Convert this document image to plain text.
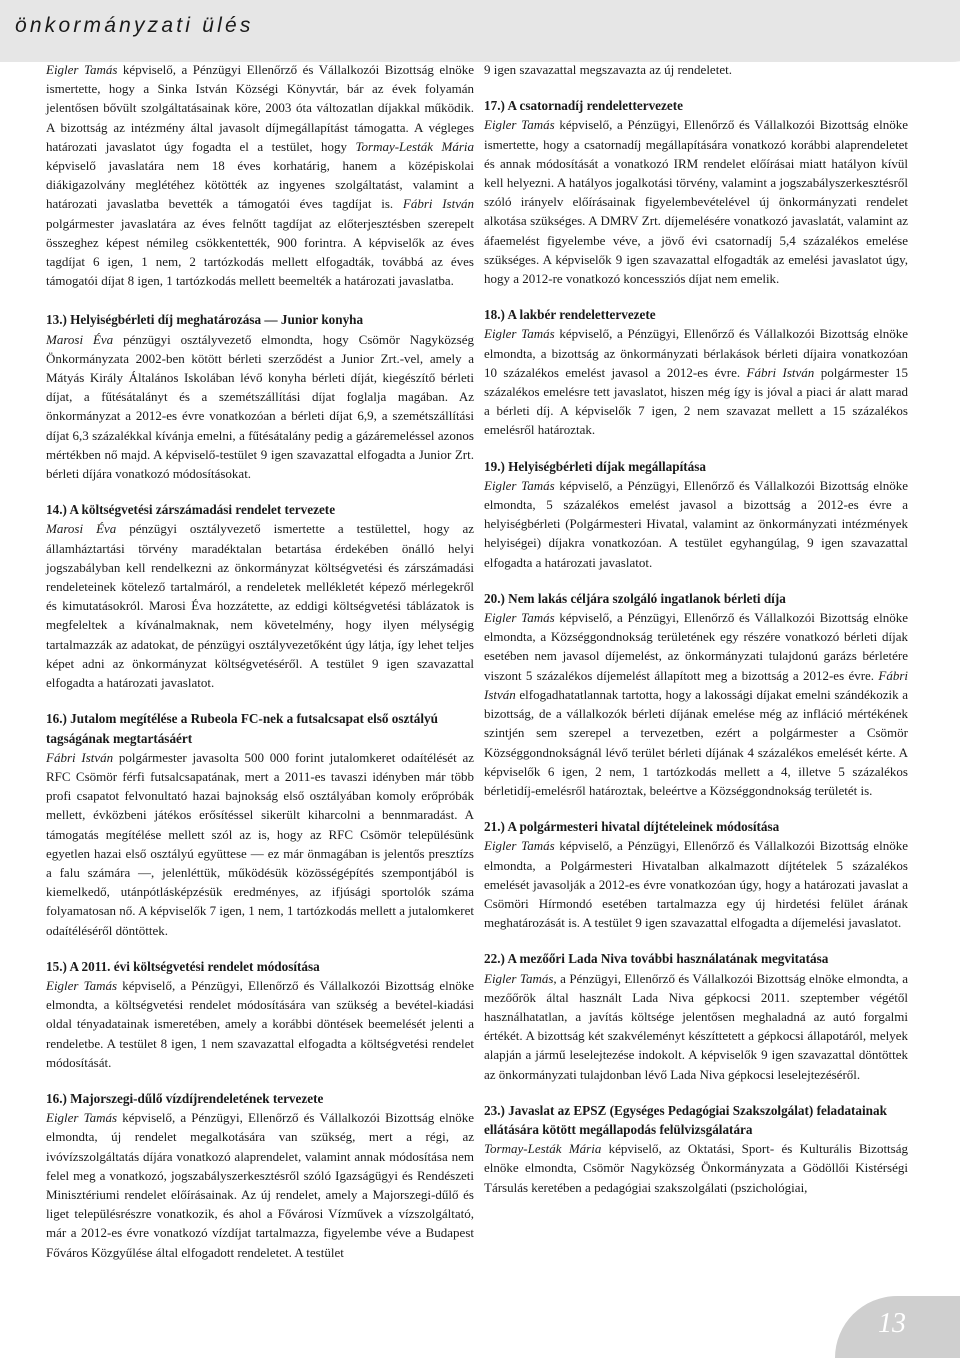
önkormányzati ülés

Eigler Tamás képviselő, a Pénzügyi Ellenőrző és Vállalkozói Bizottság elnöke ismertette, hogy a Sinka István Községi Könyvtár, bár az évek folyamán jelentősen bővült szolgáltatásainak köre, 2003 óta változatlan díjakkal működik. A bizottság az intézmény által javasolt díjmegállapítást támogatta. A végleges határozati javaslatot úgy fogadta el a testület, hogy Tormay-Lesták Mária képviselő javaslatára nem 18 éves korhatárig, hanem a középiskolai diákigazolvány meglétéhez kötötték az ingyenes szolgáltatást, valamint a határozati javaslatba bevették a támogatói éves tagdíjat is. Fábri István polgármester javaslatára az éves felnőtt tagdíjat az előterjesztésben szerepelt összeghez képest némileg csökkentették, 900 forintra. A képviselők az éves tagdíjat 6 igen, 1 nem, 2 tartózkodás mellett elfogadták, továbbá az éves támogatói díjat 8 igen, 1 tartózkodás mellett beemelték a határozati javaslatba.

13.) Helyiségbérleti díj meghatározása — Junior konyha

Marosi Éva pénzügyi osztályvezető elmondta, hogy Csömör Nagyközség Önkormányzata 2002-ben kötött bérleti szerződést a Junior Zrt.-vel, amely a Mátyás Király Általános Iskolában lévő konyha bérleti díját, kiegészítő bérleti díjat, a fűtésátalányt és a szemétszállítási díjat foglalja magában. Az önkormányzat a 2012-es évre vonatkozóan a bérleti díjat 6,9, a szemétszállítási díjat 6,3 százalékkal kívánja emelni, a fűtésátalány pedig a gázáremeléssel azonos mértékben nő majd. A képviselő-testület 9 igen szavazattal elfogadta a Junior Zrt. bérleti díjára vonatkozó módosításokat.

14.) A költségvetési zárszámadási rendelet tervezete

Marosi Éva pénzügyi osztályvezető ismertette a testülettel, hogy az államháztartási törvény maradéktalan betartása érdekében önálló helyi jogszabályban kell rendelkezni az önkormányzat költségvetési és zárszámadási rendeleteinek kötelező tartalmáról, a rendeletek mellékletét képező mérlegekről és kimutatásokról. Marosi Éva hozzátette, az eddigi költségvetési táblázatok is megfeleltek a kívánalmaknak, nem követelmény, hogy ilyen mélységig tartalmazzák az adatokat, de pénzügyi osztályvezetőként úgy látja, így lehet teljes képet adni az önkormányzat költségvetéséről. A testület 9 igen szavazattal elfogadta a határozati javaslatot.

16.) Jutalom megítélése a Rubeola FC-nek a futsalcsapat első osztályú tagságának megtartásáért

Fábri István polgármester javasolta 500 000 forint jutalomkeret odaítélését az RFC Csömör férfi futsalcsapatának, mert a 2011-es tavaszi idényben már több profi csapatot felvonultató hazai bajnokság első osztályában komoly erőpróbák mellett, évközbeni játékos erősítéssel sikerült kiharcolni a bennmaradást. A támogatás megítélése mellett szól az is, hogy az RFC Csömör településünk egyetlen hazai első osztályú együttese — ez már önmagában is jelentős presztízs a falu számára —, jelenléttük, működésük közösségépítés szempontjából is kiemelkedő, utánpótlásképzésük eredményes, az ifjúsági sportolók száma folyamatosan nő. A képviselők 7 igen, 1 nem, 1 tartózkodás mellett a jutalomkeret odaítéléséről döntöttek.

15.) A 2011. évi költségvetési rendelet módosítása

Eigler Tamás képviselő, a Pénzügyi, Ellenőrző és Vállalkozói Bizottság elnöke elmondta, a költségvetési rendelet módosítására van szükség a bevétel-kiadási oldal tényadatainak ismeretében, amely a korábbi döntések beemelését jelenti a rendeletbe. A testület 8 igen, 1 nem szavazattal elfogadta a költségvetési rendelet módosítását.

16.) Majorszegi-dűlő vízdíjrendeletének tervezete

Eigler Tamás képviselő, a Pénzügyi, Ellenőrző és Vállalkozói Bizottság elnöke elmondta, új rendelet megalkotására van szükség, mert a régi, az ivóvízszolgáltatás díjára vonatkozó alaprendelet, valamint annak módosítása nem felel meg a vonatkozó, jogszabályszerkesztésről szóló Igazságügyi és Rendészeti Minisztériumi rendelet előírásainak. Az új rendelet, amely a Majorszegi-dűlő és liget településrészre vonatkozik, és ahol a Fővárosi Vízművek a vízszolgáltató, már a 2012-es évre vonatkozó vízdíjat tartalmazza, figyelembe véve a Budapest Főváros Közgyűlése által elfogadott rendeletet. A testület

9 igen szavazattal megszavazta az új rendeletet.

17.) A csatornadíj rendelettervezete

Eigler Tamás képviselő, a Pénzügyi, Ellenőrző és Vállalkozói Bizottság elnöke ismertette, hogy a csatornadíj megállapítására vonatkozó korábbi alaprendeletet és annak módosítását a vonatkozó IRM rendelet előírásai miatt hatályon kívül kell helyezni. A hatályos jogalkotási törvény, valamint a jogszabályszerkesztésről szóló irányelv előírásainak figyelembevételével új önkormányzati rendelet alkotása szükséges. A DMRV Zrt. díjemelésére vonatkozó javaslatát, valamint az áfaemelést figyelembe véve, a jövő évi csatornadíj 5,4 százalékos emelése szükséges. A képviselők 9 igen szavazattal elfogadták az emelési javaslatot úgy, hogy a 2012-re vonatkozó koncessziós díjat nem emelik.

18.) A lakbér rendelettervezete

Eigler Tamás képviselő, a Pénzügyi, Ellenőrző és Vállalkozói Bizottság elnöke elmondta, a bizottság az önkormányzati bérlakások bérleti díjaira vonatkozóan 10 százalékos emelést javasol a 2012-es évre. Fábri István polgármester 15 százalékos emelésre tett javaslatot, hiszen még így is jóval a piaci ár alatt marad a bérleti díj. A képviselők 7 igen, 2 nem szavazat mellett a 15 százalékos emelésről határoztak.

19.) Helyiségbérleti díjak megállapítása

Eigler Tamás képviselő, a Pénzügyi, Ellenőrző és Vállalkozói Bizottság elnöke elmondta, 5 százalékos emelést javasol a bizottság a 2012-es évre a helyiségbérleti (Polgármesteri Hivatal, valamint az önkormányzati intézmények helyiségei) díjakra vonatkozóan. A testület egyhangúlag, 9 igen szavazattal elfogadta a határozati javaslatot.

20.) Nem lakás céljára szolgáló ingatlanok bérleti díja

Eigler Tamás képviselő, a Pénzügyi, Ellenőrző és Vállalkozói Bizottság elnöke elmondta, a Községgondnokság területének egy részére vonatkozó bérleti díjak esetében nem javasol díjemelést, az önkormányzati tulajdonú garázs bérletére viszont 5 százalékos díjemelést állapított meg a bizottság a 2012-es évre. Fábri István elfogadhatatlannak tartotta, hogy a lakossági díjakat emelni szándékozik a bizottság, de a vállalkozók bérleti díjának emelése még az infláció mértékének szintjén sem szerepel a tervezetben, ezért a polgármester a Csömör Községgondnokságnál lévő terület bérleti díjának 4 százalékos emelését kérte. A képviselők 6 igen, 2 nem, 1 tartózkodás mellett a 4, illetve 5 százalékos bérletidíj-emelésről határoztak, beleértve a Községgondnokság területét is.

21.) A polgármesteri hivatal díjtételeinek módosítása

Eigler Tamás képviselő, a Pénzügyi, Ellenőrző és Vállalkozói Bizottság elnöke elmondta, a Polgármesteri Hivatalban alkalmazott díjtételek 5 százalékos emelését javasolják a 2012-es évre vonatkozóan úgy, hogy a határozati javaslat a Csömöri Hírmondó esetében tartalmazza egy új hirdetési felület árának meghatározását is. A testület 9 igen szavazattal elfogadta a díjemelési javaslatot.

22.) A mezőőri Lada Niva további használatának megvitatása

Eigler Tamás, a Pénzügyi, Ellenőrző és Vállalkozói Bizottság elnöke elmondta, a mezőőrök által használt Lada Niva gépkocsi 2011. szeptember végétől használhatatlan, a javítás költsége jelentősen meghaladná az autó forgalmi értékét. A bizottság két szakvéleményt készíttetett a gépkocsi állapotáról, melyek alapján a jármű leselejtezése indokolt. A képviselők 9 igen szavazattal döntöttek az önkormányzati tulajdonban lévő Lada Niva gépkocsi leselejtezéséről.

23.) Javaslat az EPSZ (Egységes Pedagógiai Szakszolgálat) feladatainak ellátására kötött megállapodás felülvizsgálatára

Tormay-Lesták Mária képviselő, az Oktatási, Sport- és Kulturális Bizottság elnöke elmondta, Csömör Nagyközség Önkormányzata a Gödöllői Kistérségi Társulás keretében a pedagógiai szakszolgálati (pszichológiai,

13
